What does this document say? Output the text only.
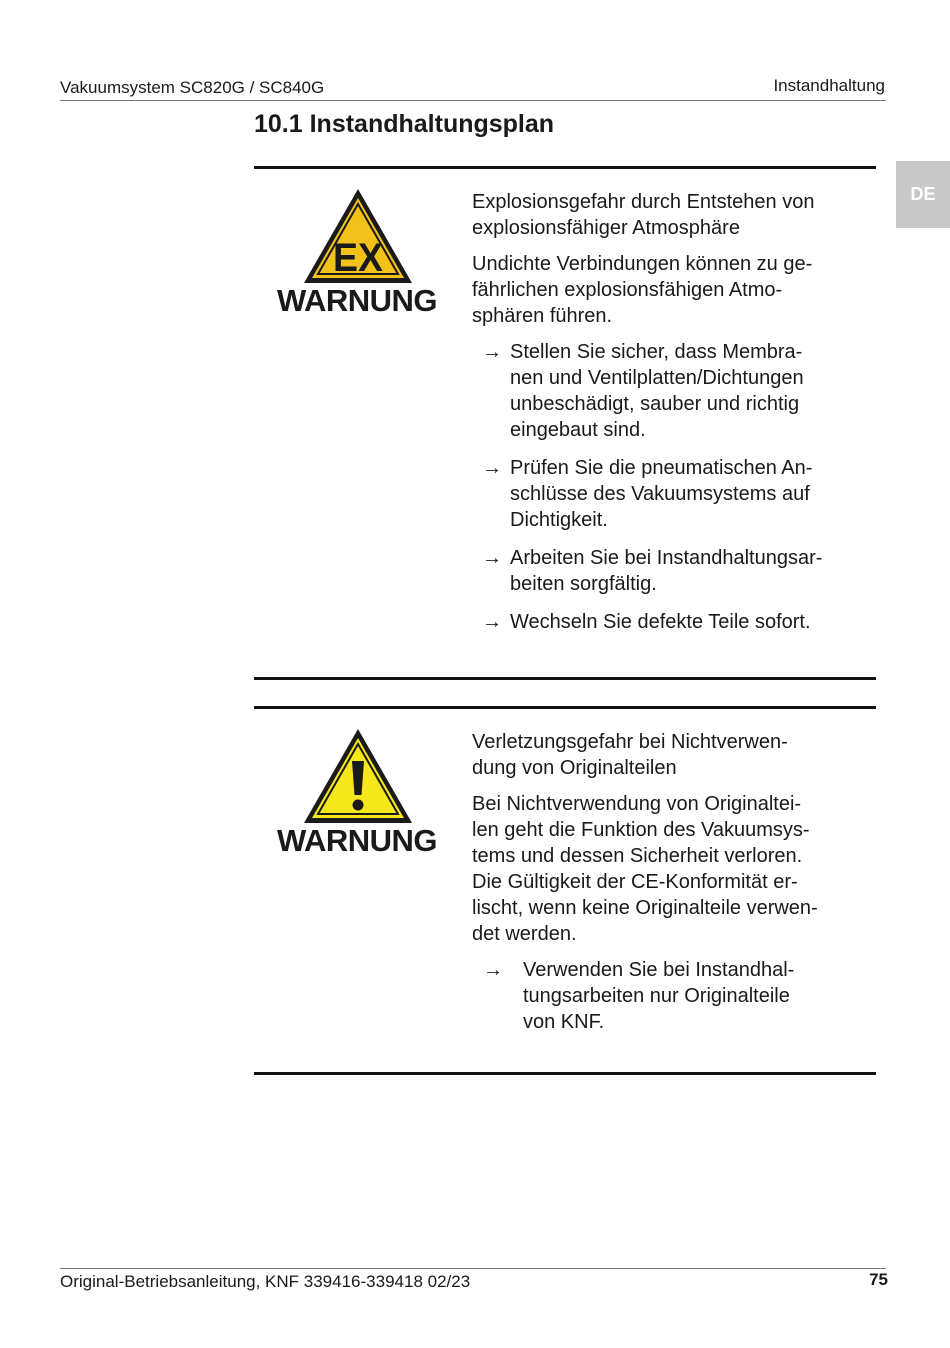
Vakuumsystem SC820G / SC840G	Instandhaltung
DE
10.1 Instandhaltungsplan
EX
WARNUNG

Explosionsgefahr durch Entstehen von explosionsfähiger Atmosphäre

Undichte Verbindungen können zu ge-
fährlichen explosionsfähigen Atmo-
sphären führen.

→ Stellen Sie sicher, dass Membra-
nen und Ventilplatten/Dichtungen
unbeschädigt, sauber und richtig
eingebaut sind.
→ Prüfen Sie die pneumatischen An-
schlüsse des Vakuumsystems auf
Dichtigkeit.
→ Arbeiten Sie bei Instandhaltungsar-
beiten sorgfältig.
→ Wechseln Sie defekte Teile sofort.
WARNUNG

Verletzungsgefahr bei Nichtverwen-
dung von Originalteilen

Bei Nichtverwendung von Originaltei-
len geht die Funktion des Vakuumsys-
tems und dessen Sicherheit verloren.
Die Gültigkeit der CE-Konformität er-
lischt, wenn keine Originalteile verwen-
det werden.

→ Verwenden Sie bei Instandhal-
tungsarbeiten nur Originalteile
von KNF.
Original-Betriebsanleitung, KNF 339416-339418 02/23	75
